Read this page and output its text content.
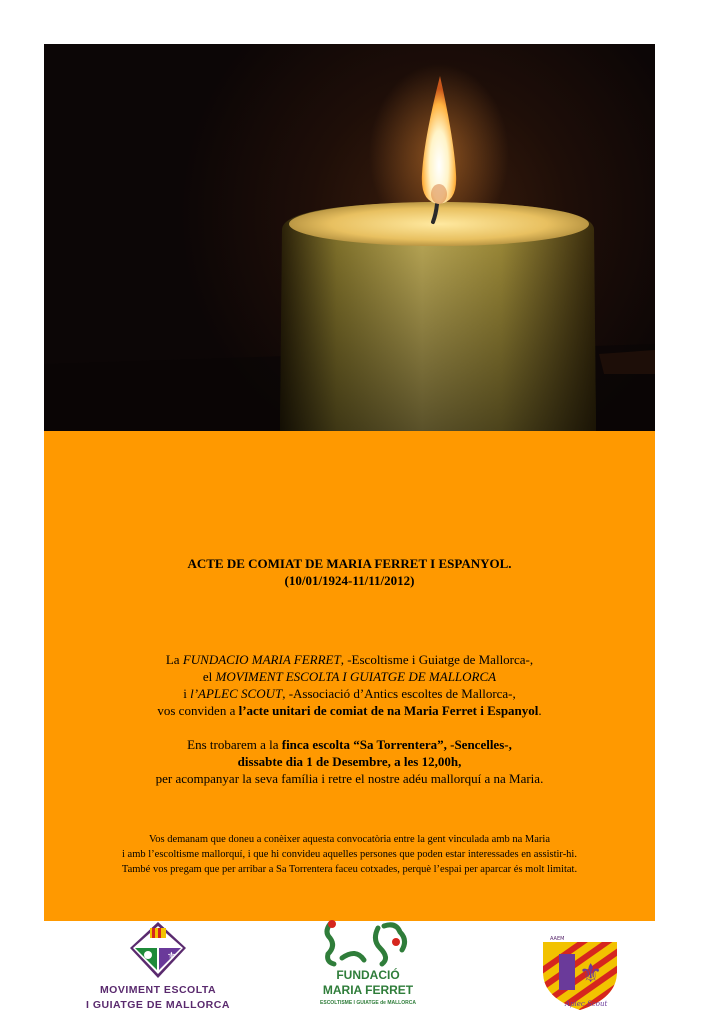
ACTE DE COMIAT DE MARIA FERRET I ESPANYOL.
(10/01/1924-11/11/2012)

La FUNDACIO MARIA FERRET, -Escoltisme i Guiatge de Mallorca-,

el MOVIMENT ESCOLTA I GUIATGE DE MALLORCA

i l’APLEC SCOUT, -Associació d’Antics escoltes de Mallorca-,

vos conviden a l’acte unitari de comiat de na Maria Ferret i Espanyol.

Ens trobarem a la finca escolta “Sa Torrentera”, -Sencelles-,

dissabte dia 1 de Desembre, a les 12,00h,

per acompanyar la seva família i retre el nostre adéu mallorquí a na Maria.

Vos demanam que doneu a conèixer aquesta convocatòria entre la gent vinculada amb na Maria

i amb l’escoltisme mallorquí, i que hi convideu aquelles persones que poden estar interessades en assistir-hi.

També vos pregam que per arribar a Sa Torrentera faceu cotxades, perquè l’espai per aparcar és molt limitat.

⚜
MOVIMENT ESCOLTA
I GUIATGE DE MALLORCA
FUNDACIÓ
MARIA FERRET
ESCOLTISME I GUIATGE de MALLORCA
⚜
AAEM
Aplec Scout
